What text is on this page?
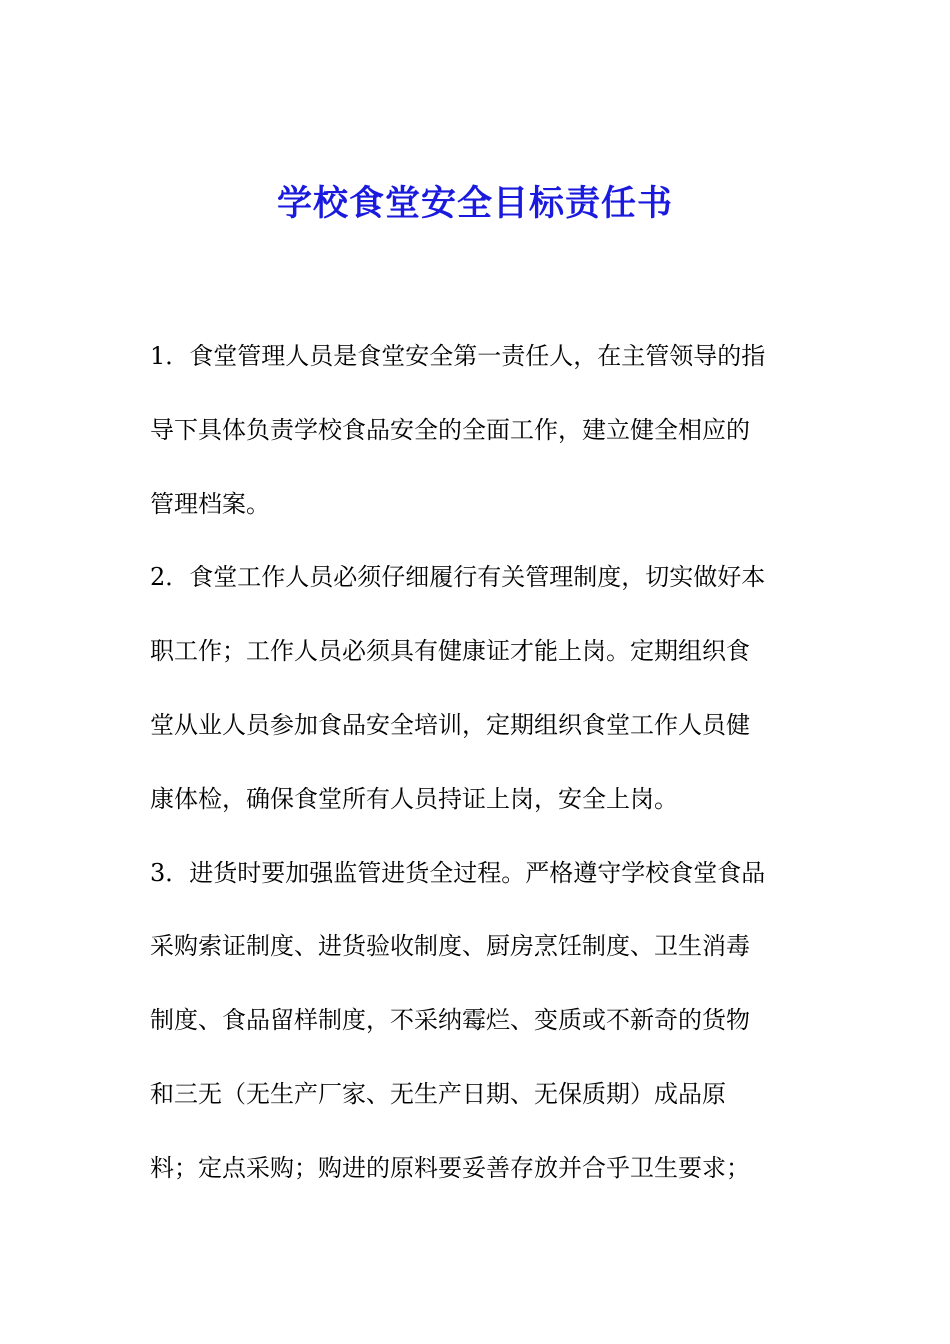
学校食堂安全目标责任书
1．食堂管理人员是食堂安全第一责任人，在主管领导的指
导下具体负责学校食品安全的全面工作，建立健全相应的
管理档案。
2．食堂工作人员必须仔细履行有关管理制度，切实做好本
职工作；工作人员必须具有健康证才能上岗。定期组织食
堂从业人员参加食品安全培训，定期组织食堂工作人员健
康体检，确保食堂所有人员持证上岗，安全上岗。
3．进货时要加强监管进货全过程。严格遵守学校食堂食品
采购索证制度、进货验收制度、厨房烹饪制度、卫生消毒
制度、食品留样制度，不采纳霉烂、变质或不新奇的货物
和三无（无生产厂家、无生产日期、无保质期）成品原
料；定点采购；购进的原料要妥善存放并合乎卫生要求；
